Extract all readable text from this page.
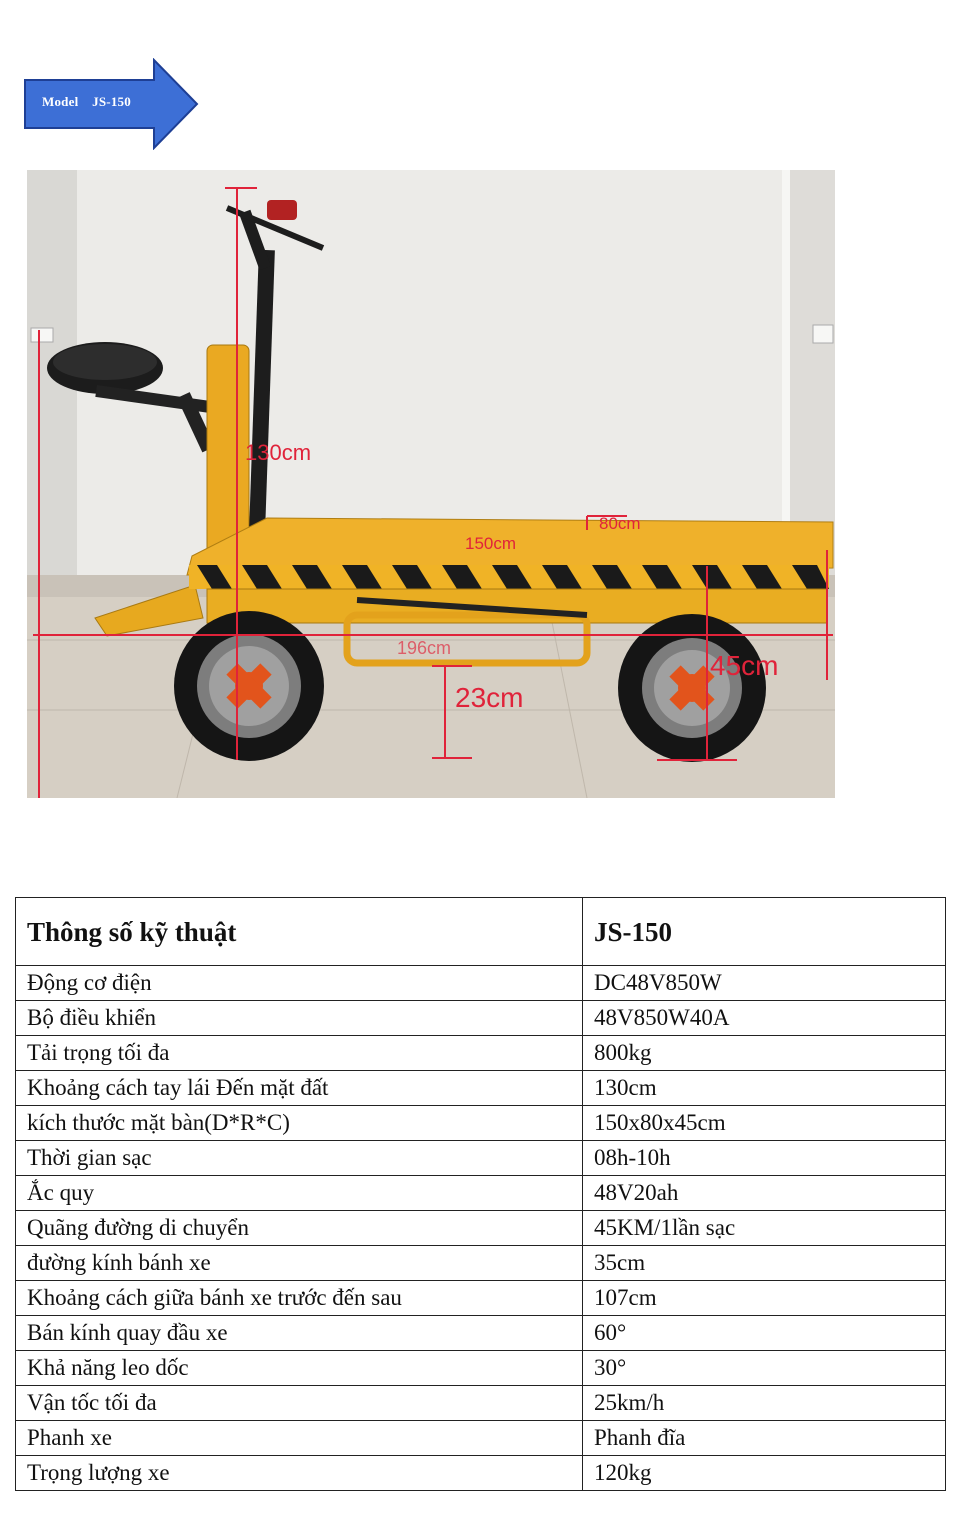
Model    JS-150
130cm
150cm
80cm
196cm
23cm
45cm
Thông số kỹ thuật	JS-150
Động cơ điện	DC48V850W
Bộ điều khiển	48V850W40A
Tải trọng tối đa	800kg
Khoảng cách tay lái Đến mặt đất	130cm
kích thước mặt bàn(D*R*C)	150x80x45cm
Thời gian sạc	08h-10h
Ắc quy	48V20ah
Quãng đường di chuyển	45KM/1lần sạc
đường kính bánh xe	35cm
Khoảng cách giữa bánh xe trước đến sau	107cm
Bán kính quay đầu xe	60°
Khả năng leo dốc	30°
Vận tốc tối đa	25km/h
Phanh xe	Phanh đĩa
Trọng lượng xe	120kg
